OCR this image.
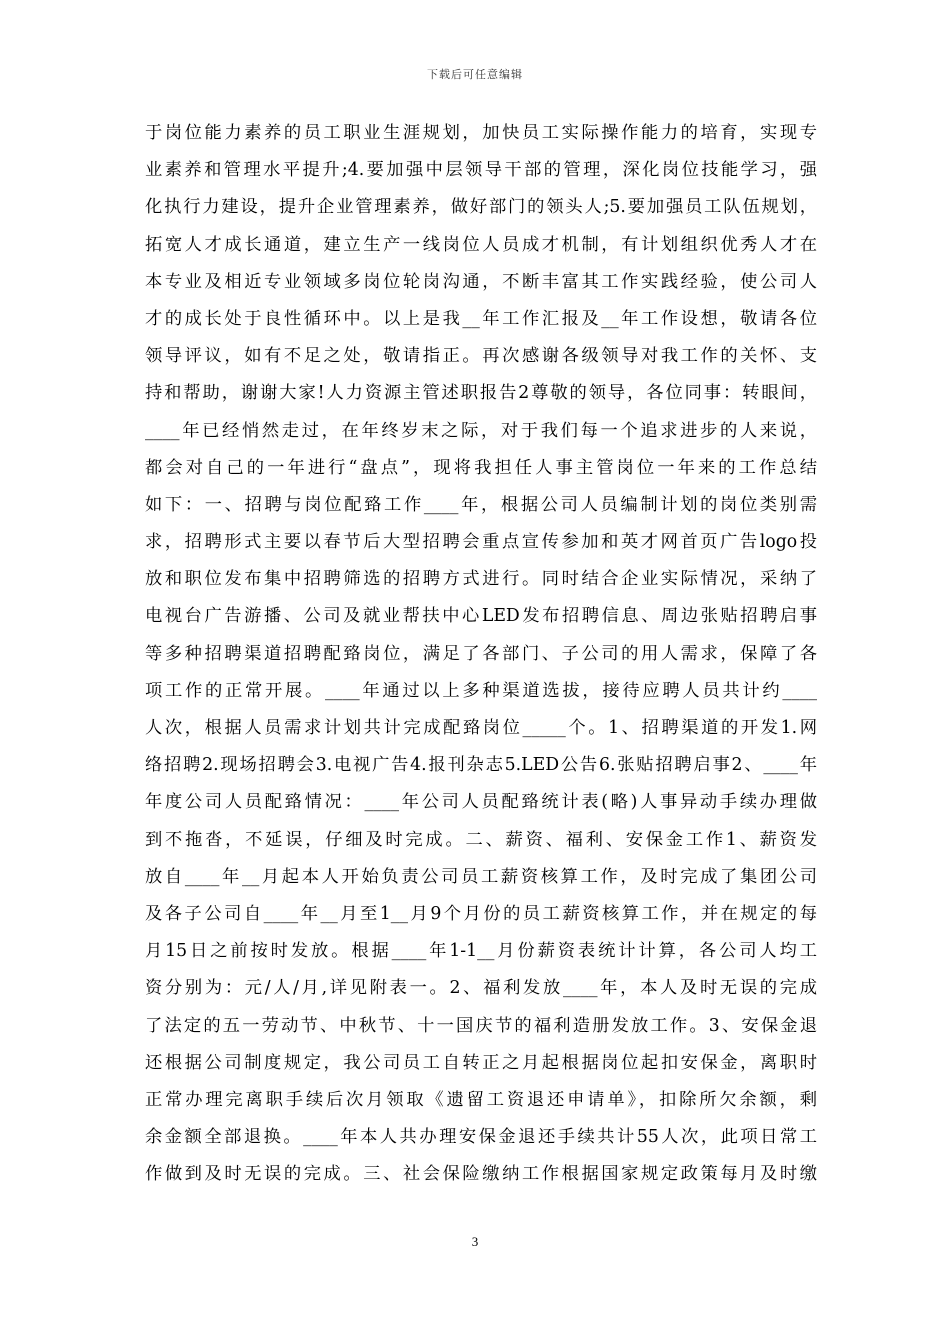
下载后可任意编辑
于岗位能力素养的员工职业生涯规划，加快员工实际操作能力的培育，实现专
业素养和管理水平提升;4.要加强中层领导干部的管理，深化岗位技能学习，强
化执行力建设，提升企业管理素养，做好部门的领头人;5.要加强员工队伍规划，
拓宽人才成长通道，建立生产一线岗位人员成才机制，有计划组织优秀人才在
本专业及相近专业领域多岗位轮岗沟通，不断丰富其工作实践经验，使公司人
才的成长处于良性循环中。以上是我__年工作汇报及__年工作设想，敬请各位
领导评议，如有不足之处，敬请指正。再次感谢各级领导对我工作的关怀、支
持和帮助，谢谢大家!人力资源主管述职报告2尊敬的领导，各位同事：转眼间，
____年已经悄然走过，在年终岁末之际，对于我们每一个追求进步的人来说，
都会对自己的一年进行“盘点”，现将我担任人事主管岗位一年来的工作总结
如下：一、招聘与岗位配臵工作____年，根据公司人员编制计划的岗位类别需
求，招聘形式主要以春节后大型招聘会重点宣传参加和英才网首页广告logo投
放和职位发布集中招聘筛选的招聘方式进行。同时结合企业实际情况，采纳了
电视台广告游播、公司及就业帮扶中心LED发布招聘信息、周边张贴招聘启事
等多种招聘渠道招聘配臵岗位，满足了各部门、子公司的用人需求，保障了各
项工作的正常开展。____年通过以上多种渠道选拔，接待应聘人员共计约____
人次，根据人员需求计划共计完成配臵岗位_____个。1、招聘渠道的开发1.网
络招聘2.现场招聘会3.电视广告4.报刊杂志5.LED公告6.张贴招聘启事2、____年
年度公司人员配臵情况：____年公司人员配臵统计表(略)人事异动手续办理做
到不拖沓，不延误，仔细及时完成。二、薪资、福利、安保金工作1、薪资发
放自____年__月起本人开始负责公司员工薪资核算工作，及时完成了集团公司
及各子公司自____年__月至1__月9个月份的员工薪资核算工作，并在规定的每
月15日之前按时发放。根据____年1-1__月份薪资表统计计算，各公司人均工
资分别为：元/人/月,详见附表一。2、福利发放____年，本人及时无误的完成
了法定的五一劳动节、中秋节、十一国庆节的福利造册发放工作。3、安保金退
还根据公司制度规定，我公司员工自转正之月起根据岗位起扣安保金，离职时
正常办理完离职手续后次月领取《遗留工资退还申请单》，扣除所欠余额，剩
余金额全部退换。____年本人共办理安保金退还手续共计55人次，此项日常工
作做到及时无误的完成。三、社会保险缴纳工作根据国家规定政策每月及时缴
3
